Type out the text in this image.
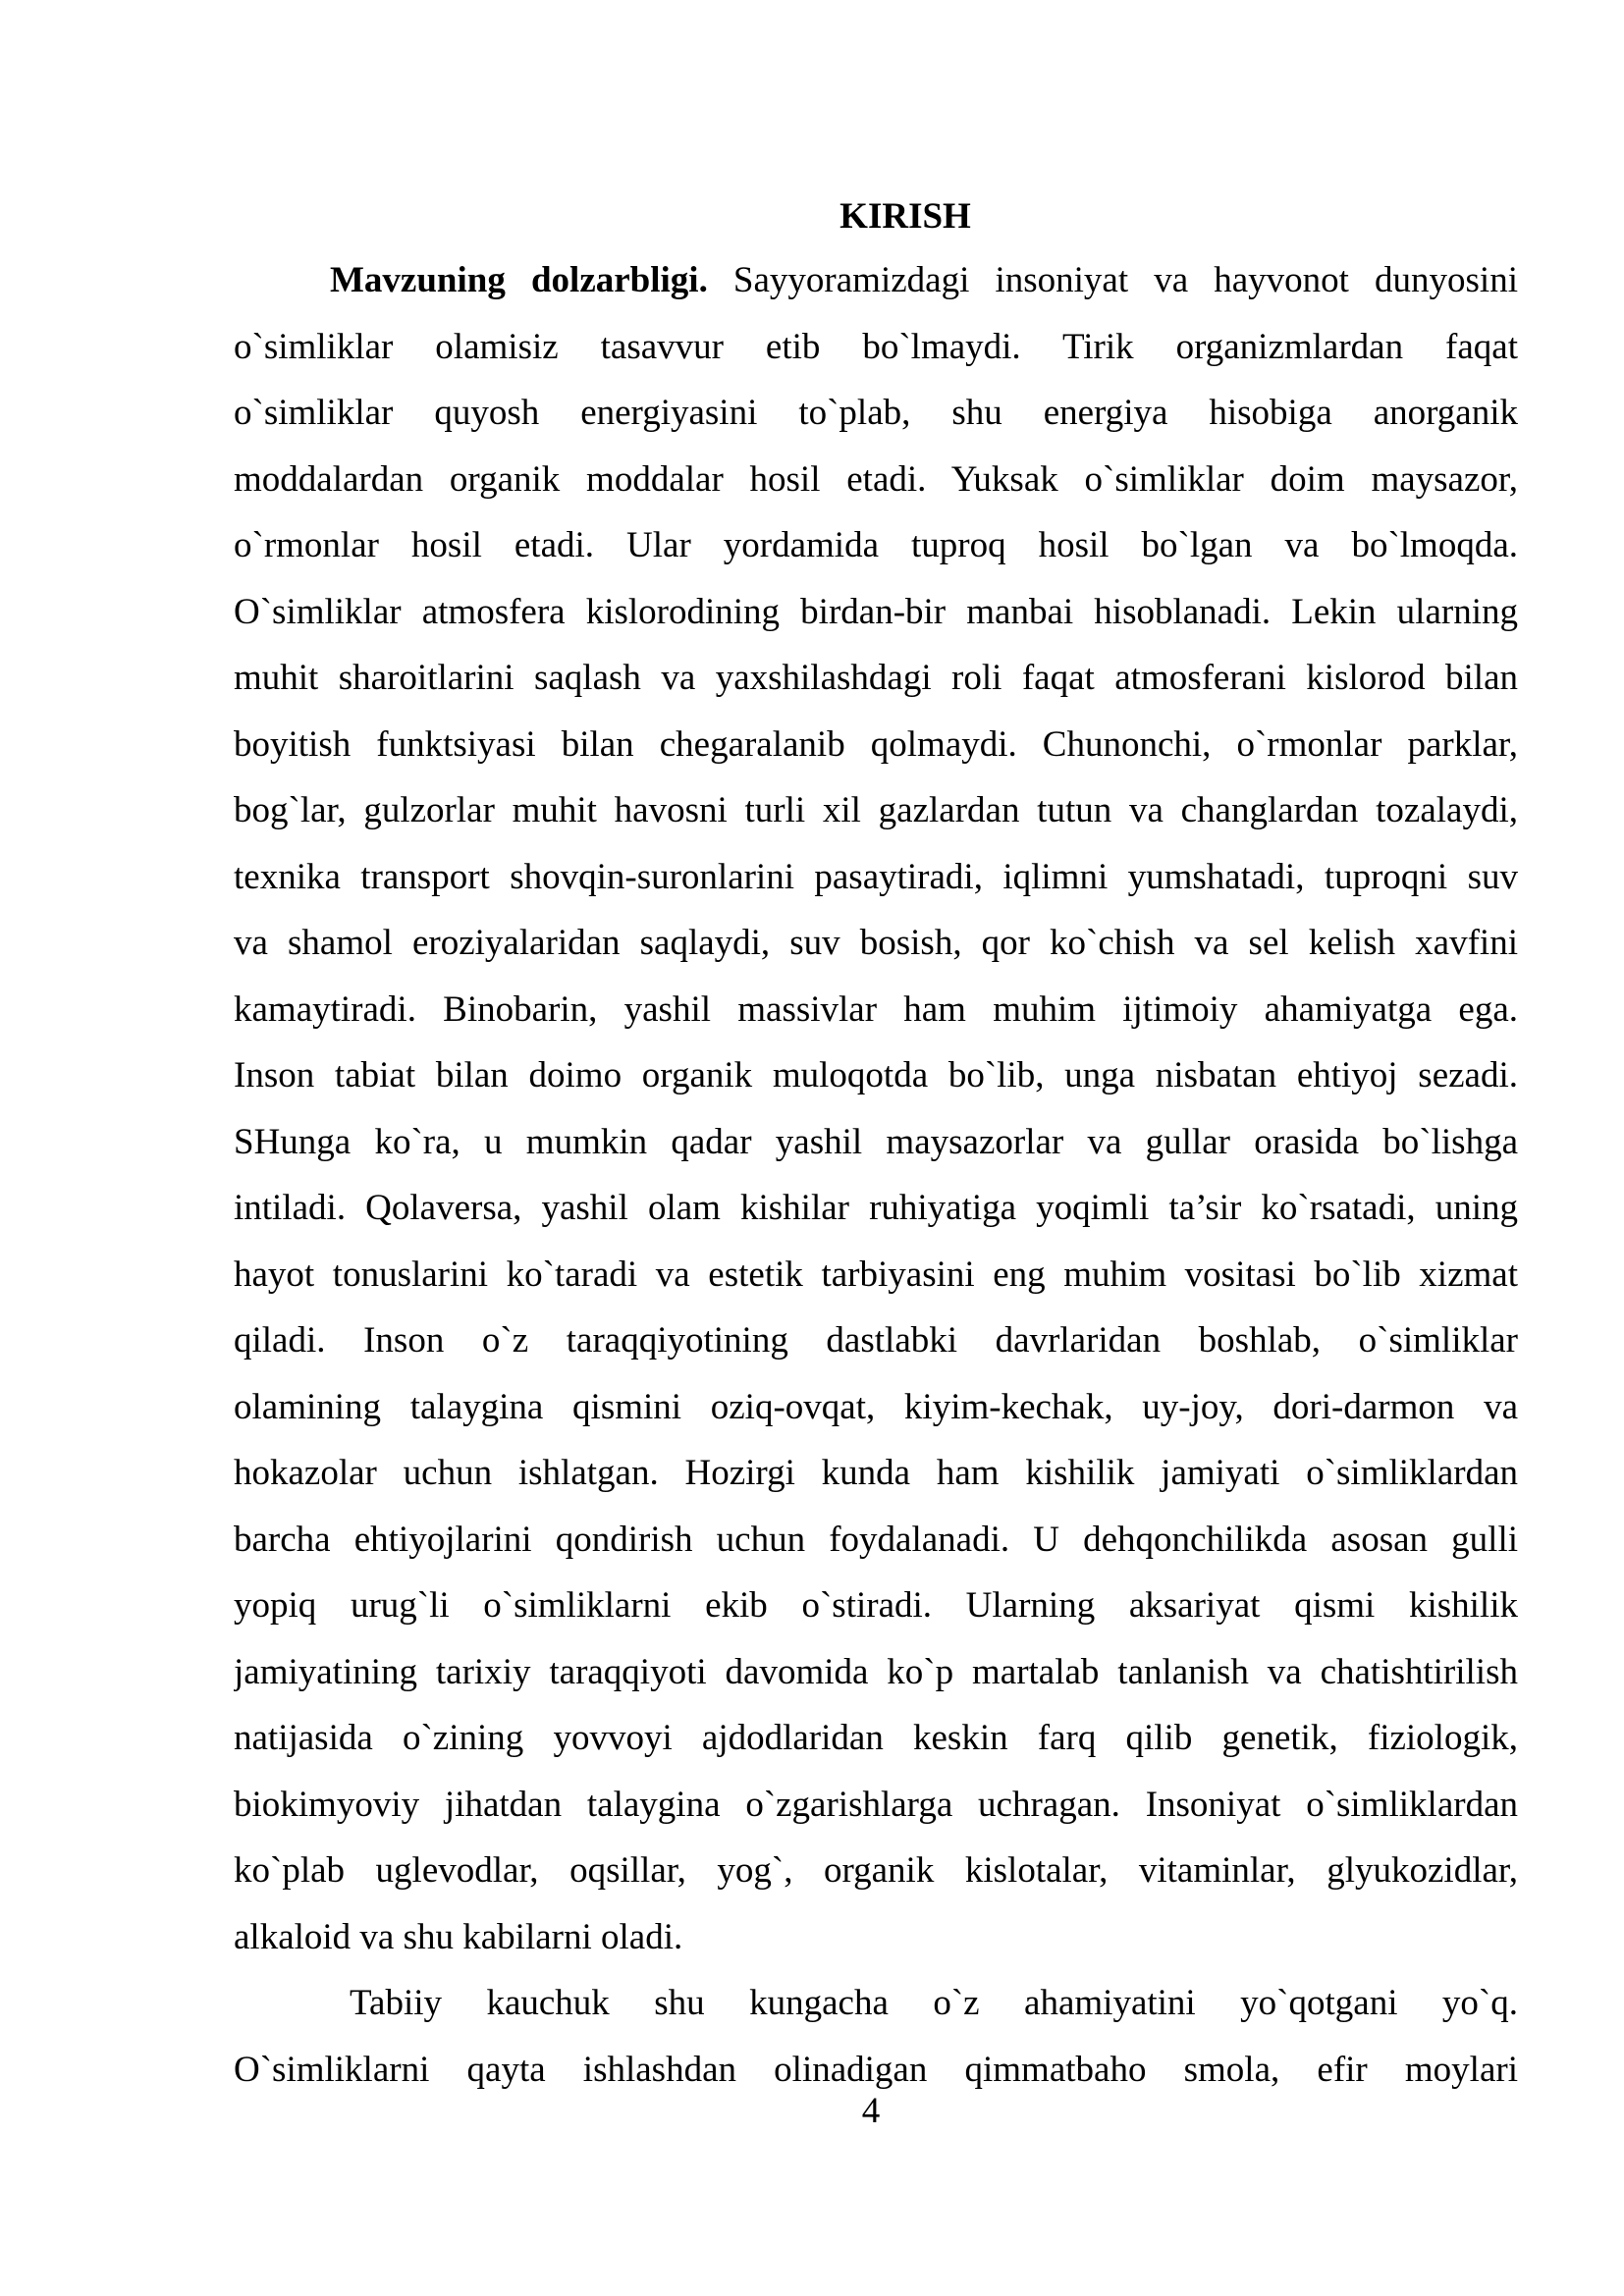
KIRISH
Mavzuning dolzarbligi. Sayyoramizdagi insoniyat va hayvonot dunyosini
o`simliklar olamisiz tasavvur etib bo`lmaydi. Tirik organizmlardan faqat
o`simliklar quyosh energiyasini to`plab, shu energiya hisobiga anorganik
moddalardan organik moddalar hosil etadi. Yuksak o`simliklar doim maysazor,
o`rmonlar hosil etadi. Ular yordamida tuproq hosil bo`lgan va bo`lmoqda.
O`simliklar atmosfera kislorodining birdan-bir manbai hisoblanadi. Lekin ularning
muhit sharoitlarini saqlash va yaxshilashdagi roli faqat atmosferani kislorod bilan
boyitish funktsiyasi bilan chegaralanib qolmaydi. Chunonchi, o`rmonlar parklar,
bog`lar, gulzorlar muhit havosni turli xil gazlardan tutun va changlardan tozalaydi,
texnika transport shovqin-suronlarini pasaytiradi, iqlimni yumshatadi, tuproqni suv
va shamol eroziyalaridan saqlaydi, suv bosish, qor ko`chish va sel kelish xavfini
kamaytiradi. Binobarin, yashil massivlar ham muhim ijtimoiy ahamiyatga ega.
Inson tabiat bilan doimo organik muloqotda bo`lib, unga nisbatan ehtiyoj sezadi.
SHunga ko`ra, u mumkin qadar yashil maysazorlar va gullar orasida bo`lishga
intiladi. Qolaversa, yashil olam kishilar ruhiyatiga yoqimli ta’sir ko`rsatadi, uning
hayot tonuslarini ko`taradi va estetik tarbiyasini eng muhim vositasi bo`lib xizmat
qiladi. Inson o`z taraqqiyotining dastlabki davrlaridan boshlab, o`simliklar
olamining talaygina qismini oziq-ovqat, kiyim-kechak, uy-joy, dori-darmon va
hokazolar uchun ishlatgan. Hozirgi kunda ham kishilik jamiyati o`simliklardan
barcha ehtiyojlarini qondirish uchun foydalanadi. U dehqonchilikda asosan gulli
yopiq urug`li o`simliklarni ekib o`stiradi. Ularning aksariyat qismi kishilik
jamiyatining tarixiy taraqqiyoti davomida ko`p martalab tanlanish va chatishtirilish
natijasida o`zining yovvoyi ajdodlaridan keskin farq qilib genetik, fiziologik,
biokimyoviy jihatdan talaygina o`zgarishlarga uchragan. Insoniyat o`simliklardan
ko`plab uglevodlar, oqsillar, yog`, organik kislotalar, vitaminlar, glyukozidlar,
alkaloid va shu kabilarni oladi.
Tabiiy kauchuk shu kungacha o`z ahamiyatini yo`qotgani yo`q.
O`simliklarni qayta ishlashdan olinadigan qimmatbaho smola, efir moylari
4
